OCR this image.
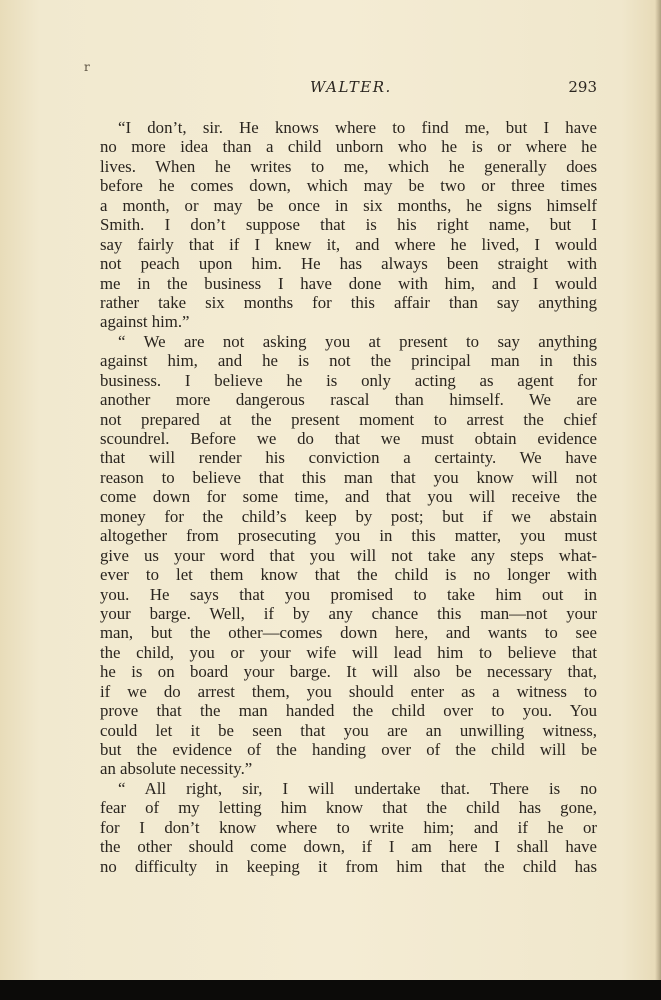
r
WALTER.	293
“I don’t, sir. He knows where to find me, but I have
no more idea than a child unborn who he is or where he
lives. When he writes to me, which he generally does
before he comes down, which may be two or three times
a month, or may be once in six months, he signs himself
Smith. I don’t suppose that is his right name, but I
say fairly that if I knew it, and where he lived, I would
not peach upon him. He has always been straight with
me in the business I have done with him, and I would
rather take six months for this affair than say anything
against him.”
“ We are not asking you at present to say anything
against him, and he is not the principal man in this
business. I believe he is only acting as agent for
another more dangerous rascal than himself. We are
not prepared at the present moment to arrest the chief
scoundrel. Before we do that we must obtain evidence
that will render his conviction a certainty. We have
reason to believe that this man that you know will not
come down for some time, and that you will receive the
money for the child’s keep by post; but if we abstain
altogether from prosecuting you in this matter, you must
give us your word that you will not take any steps what-
ever to let them know that the child is no longer with
you. He says that you promised to take him out in
your barge. Well, if by any chance this man—not your
man, but the other—comes down here, and wants to see
the child, you or your wife will lead him to believe that
he is on board your barge. It will also be necessary that,
if we do arrest them, you should enter as a witness to
prove that the man handed the child over to you. You
could let it be seen that you are an unwilling witness,
but the evidence of the handing over of the child will be
an absolute necessity.”
“ All right, sir, I will undertake that. There is no
fear of my letting him know that the child has gone,
for I don’t know where to write him; and if he or
the other should come down, if I am here I shall have
no difficulty in keeping it from him that the child has
